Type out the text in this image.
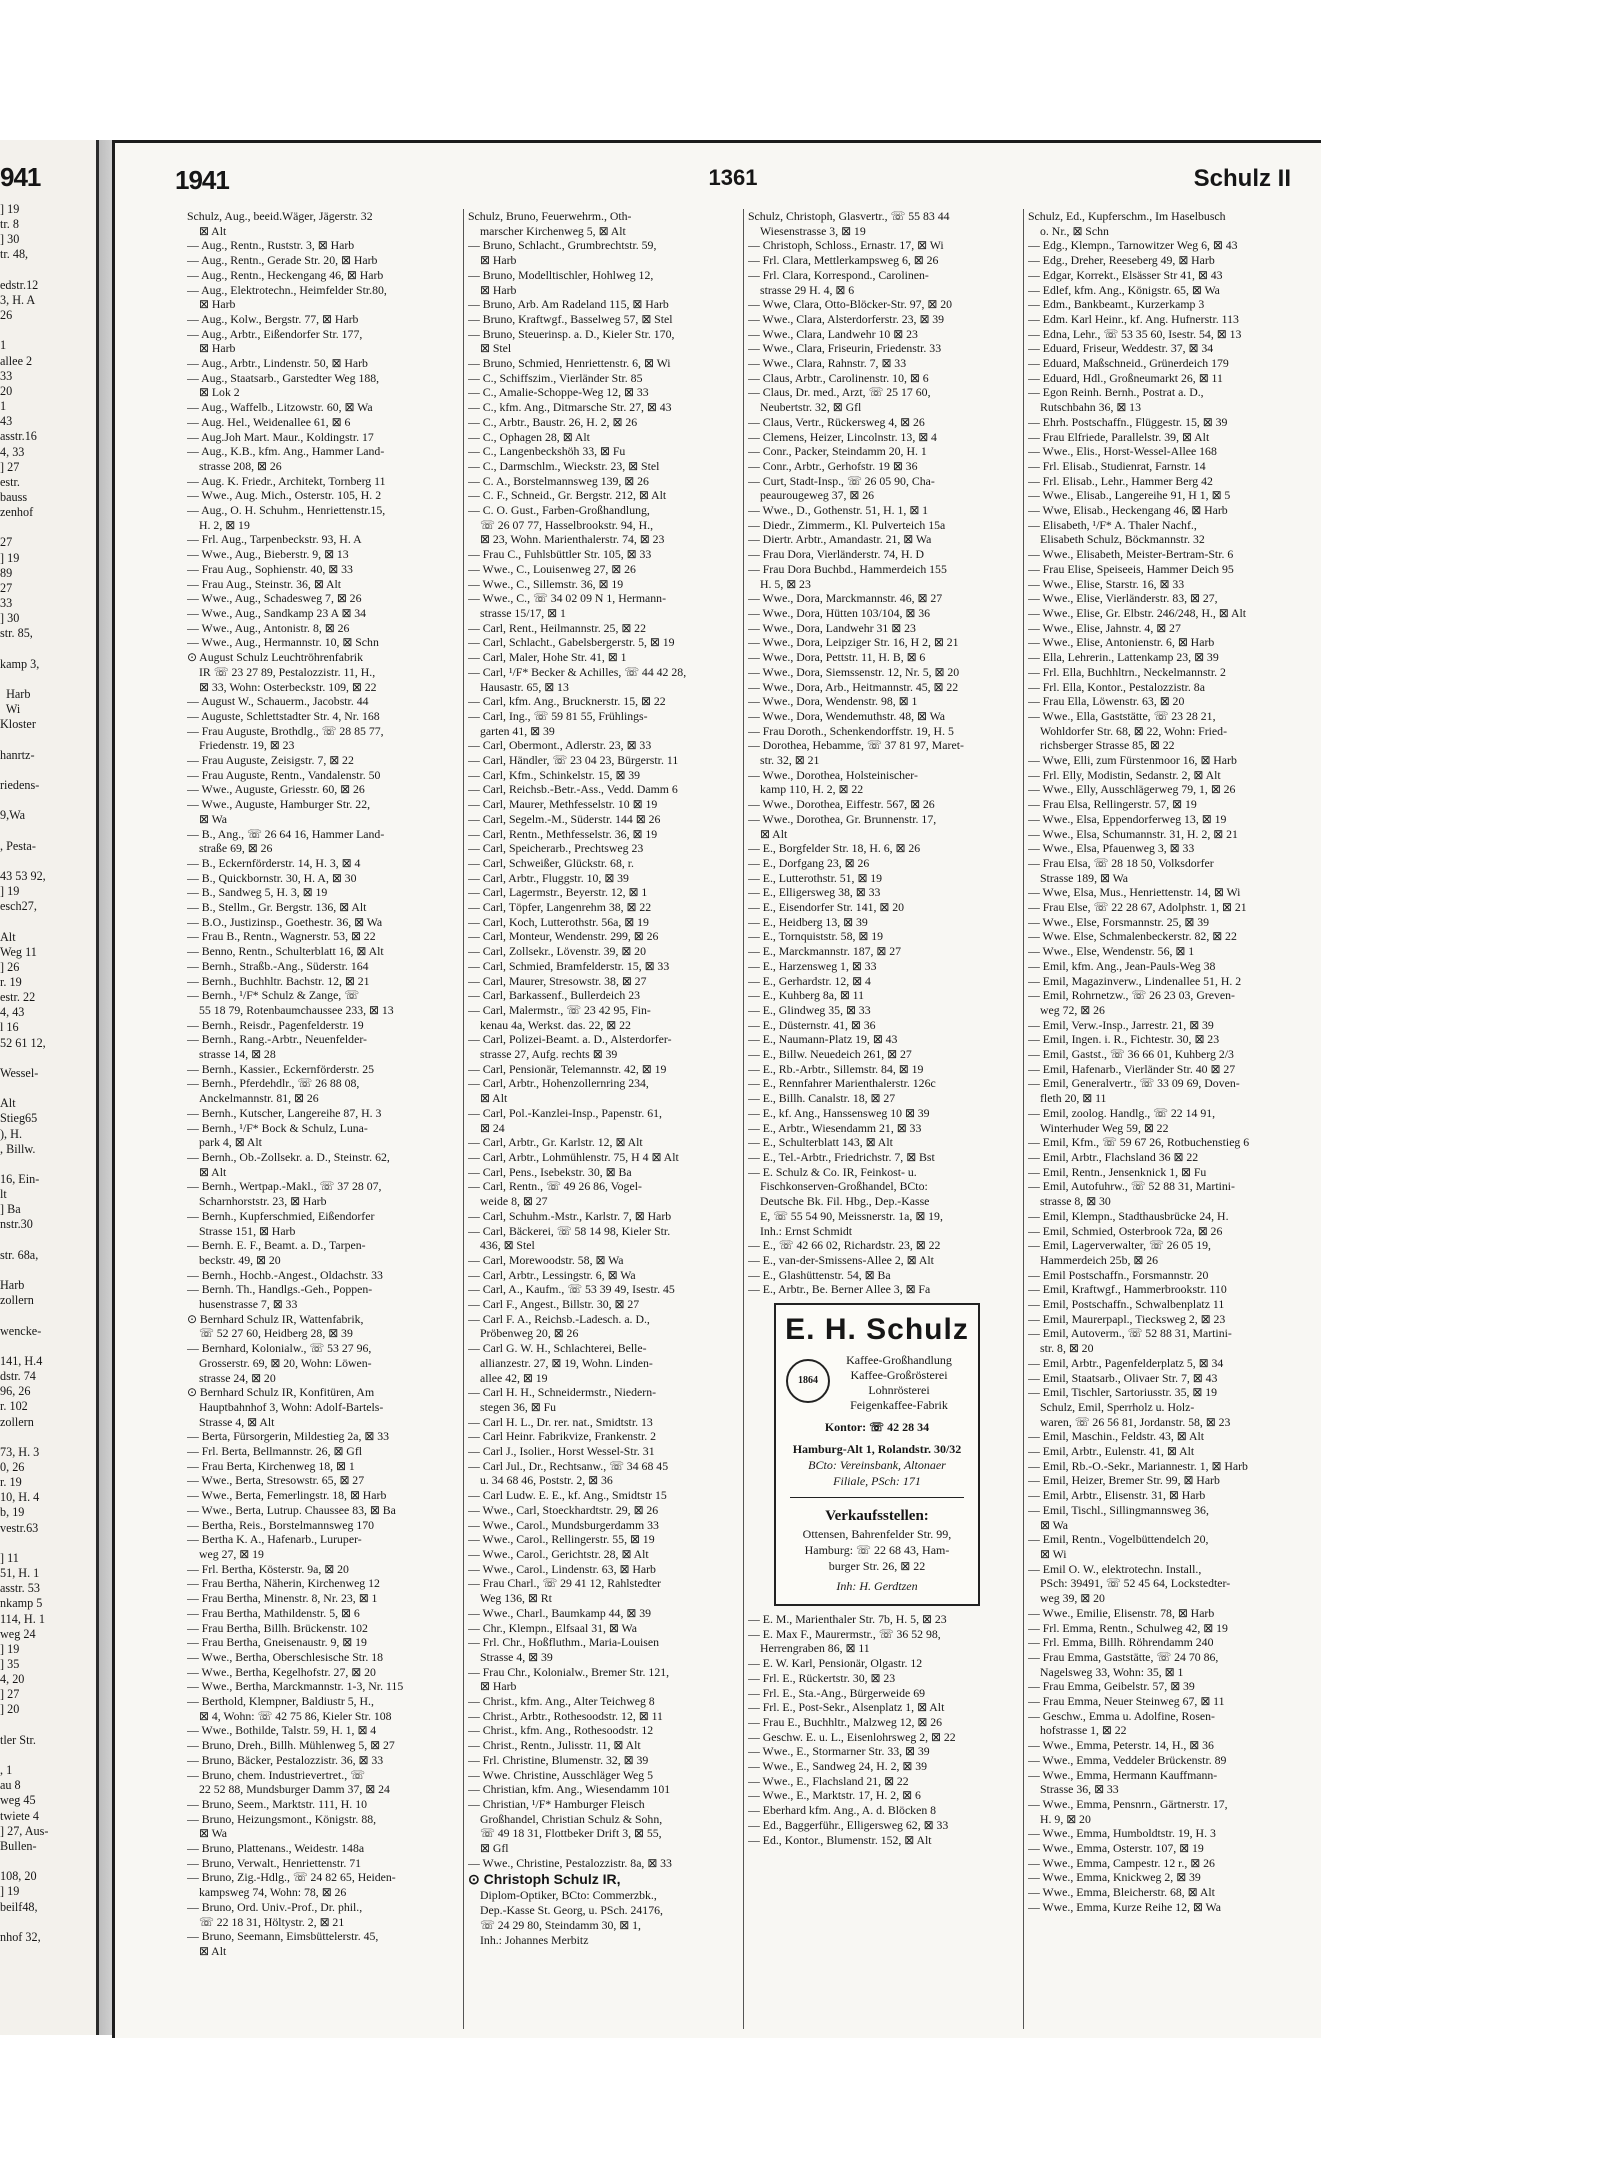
941
] 19
tr. 8
] 30
tr. 48,

edstr.12
3, H. A
26

1
allee 2
33
20
1
43
asstr.16
4, 33
] 27
estr.
bauss
zenhof

27
] 19
89
27
33
] 30
str. 85,

kamp 3,

Harb
Wi
Kloster

hanrtz-

riedens-

9,Wa

, Pesta-

43 53 92,
] 19
esch27,

Alt
Weg 11
] 26
r. 19
estr. 22
4, 43
l 16
52 61 12,

Wessel-

Alt
Stieg65
), H.
, Billw.

16, Ein-
lt
] Ba
nstr.30

str. 68a,

Harb
zollern

wencke-

141, H.4
dstr. 74
96, 26
r. 102
zollern

73, H. 3
0, 26
r. 19
10, H. 4
b, 19
vestr.63

] 11
51, H. 1
asstr. 53
nkamp 5
114, H. 1
weg 24
] 19
] 35
4, 20
] 27
] 20

tler Str.

, 1
au 8
weg 45
twiete 4
] 27, Aus-
Bullen-

108, 20
] 19
beilf48,

nhof 32,
1941	1361	Schulz II
Schulz, Aug., beeid.Wäger, Jägerstr. 32
⊠ Alt
— Aug., Rentn., Ruststr. 3, ⊠ Harb
— Aug., Rentn., Gerade Str. 20, ⊠ Harb
— Aug., Rentn., Heckengang 46, ⊠ Harb
— Aug., Elektrotechn., Heimfelder Str.80,
⊠ Harb
— Aug., Kolw., Bergstr. 77, ⊠ Harb
— Aug., Arbtr., Eißendorfer Str. 177,
⊠ Harb
— Aug., Arbtr., Lindenstr. 50, ⊠ Harb
— Aug., Staatsarb., Garstedter Weg 188,
⊠ Lok 2
— Aug., Waffelb., Litzowstr. 60, ⊠ Wa
— Aug. Hel., Weidenallee 61, ⊠ 6
— Aug.Joh Mart. Maur., Koldingstr. 17
— Aug., K.B., kfm. Ang., Hammer Land-
strasse 208, ⊠ 26
— Aug. K. Friedr., Architekt, Tornberg 11
— Wwe., Aug. Mich., Osterstr. 105, H. 2
— Aug., O. H. Schuhm., Henriettenstr.15,
H. 2, ⊠ 19
— Frl. Aug., Tarpenbeckstr. 93, H. A
— Wwe., Aug., Bieberstr. 9, ⊠ 13
— Frau Aug., Sophienstr. 40, ⊠ 33
— Frau Aug., Steinstr. 36, ⊠ Alt
— Wwe., Aug., Schadesweg 7, ⊠ 26
— Wwe., Aug., Sandkamp 23 A ⊠ 34
— Wwe., Aug., Antonistr. 8, ⊠ 26
— Wwe., Aug., Hermannstr. 10, ⊠ Schn
⊙ August Schulz Leuchtröhrenfabrik
IR ☏ 23 27 89, Pestalozzistr. 11, H.,
⊠ 33, Wohn: Osterbeckstr. 109, ⊠ 22
— August W., Schauerm., Jacobstr. 44
— Auguste, Schlettstadter Str. 4, Nr. 168
— Frau Auguste, Brothdlg., ☏ 28 85 77,
Friedenstr. 19, ⊠ 23
— Frau Auguste, Zeisigstr. 7, ⊠ 22
— Frau Auguste, Rentn., Vandalenstr. 50
— Wwe., Auguste, Griesstr. 60, ⊠ 26
— Wwe., Auguste, Hamburger Str. 22,
⊠ Wa
— B., Ang., ☏ 26 64 16, Hammer Land-
straße 69, ⊠ 26
— B., Eckernförderstr. 14, H. 3, ⊠ 4
— B., Quickbornstr. 30, H. A, ⊠ 30
— B., Sandweg 5, H. 3, ⊠ 19
— B., Stellm., Gr. Bergstr. 136, ⊠ Alt
— B.O., Justizinsp., Goethestr. 36, ⊠ Wa
— Frau B., Rentn., Wagnerstr. 53, ⊠ 22
— Benno, Rentn., Schulterblatt 16, ⊠ Alt
— Bernh., Straßb.-Ang., Süderstr. 164
— Bernh., Buchhltr. Bachstr. 12, ⊠ 21
— Bernh., ¹/F* Schulz & Zange, ☏
55 18 79, Rotenbaumchaussee 233, ⊠ 13
— Bernh., Reisdr., Pagenfelderstr. 19
— Bernh., Rang.-Arbtr., Neuenfelder-
strasse 14, ⊠ 28
— Bernh., Kassier., Eckernförderstr. 25
— Bernh., Pferdehdlr., ☏ 26 88 08,
Anckelmannstr. 81, ⊠ 26
— Bernh., Kutscher, Langereihe 87, H. 3
— Bernh., ¹/F* Bock & Schulz, Luna-
park 4, ⊠ Alt
— Bernh., Ob.-Zollsekr. a. D., Steinstr. 62,
⊠ Alt
— Bernh., Wertpap.-Makl., ☏ 37 28 07,
Scharnhorststr. 23, ⊠ Harb
— Bernh., Kupferschmied, Eißendorfer
Strasse 151, ⊠ Harb
— Bernh. E. F., Beamt. a. D., Tarpen-
beckstr. 49, ⊠ 20
— Bernh., Hochb.-Angest., Oldachstr. 33
— Bernh. Th., Handlgs.-Geh., Poppen-
husenstrasse 7, ⊠ 33
⊙ Bernhard Schulz IR, Wattenfabrik,
☏ 52 27 60, Heidberg 28, ⊠ 39
— Bernhard, Kolonialw., ☏ 53 27 96,
Grosserstr. 69, ⊠ 20, Wohn: Löwen-
strasse 24, ⊠ 20
⊙ Bernhard Schulz IR, Konfitüren, Am
Hauptbahnhof 3, Wohn: Adolf-Bartels-
Strasse 4, ⊠ Alt
— Berta, Fürsorgerin, Mildestieg 2a, ⊠ 33
— Frl. Berta, Bellmannstr. 26, ⊠ Gfl
— Frau Berta, Kirchenweg 18, ⊠ 1
— Wwe., Berta, Stresowstr. 65, ⊠ 27
— Wwe., Berta, Femerlingstr. 18, ⊠ Harb
— Wwe., Berta, Lutrup. Chaussee 83, ⊠ Ba
— Bertha, Reis., Borstelmannsweg 170
— Bertha K. A., Hafenarb., Luruper-
weg 27, ⊠ 19
— Frl. Bertha, Kösterstr. 9a, ⊠ 20
— Frau Bertha, Näherin, Kirchenweg 12
— Frau Bertha, Minenstr. 8, Nr. 23, ⊠ 1
— Frau Bertha, Mathildenstr. 5, ⊠ 6
— Frau Bertha, Billh. Brückenstr. 102
— Frau Bertha, Gneisenaustr. 9, ⊠ 19
— Wwe., Bertha, Oberschlesische Str. 18
— Wwe., Bertha, Kegelhofstr. 27, ⊠ 20
— Wwe., Bertha, Marckmannstr. 1-3, Nr. 115
— Berthold, Klempner, Baldiustr 5, H.,
⊠ 4, Wohn: ☏ 42 75 86, Kieler Str. 108
— Wwe., Bothilde, Talstr. 59, H. 1, ⊠ 4
— Bruno, Dreh., Billh. Mühlenweg 5, ⊠ 27
— Bruno, Bäcker, Pestalozzistr. 36, ⊠ 33
— Bruno, chem. Industrievertret., ☏
22 52 88, Mundsburger Damm 37, ⊠ 24
— Bruno, Seem., Marktstr. 111, H. 10
— Bruno, Heizungsmont., Königstr. 88,
⊠ Wa
— Bruno, Plattenans., Weidestr. 148a
— Bruno, Verwalt., Henriettenstr. 71
— Bruno, Zig.-Hdlg., ☏ 24 82 65, Heiden-
kampsweg 74, Wohn: 78, ⊠ 26
— Bruno, Ord. Univ.-Prof., Dr. phil.,
☏ 22 18 31, Höltystr. 2, ⊠ 21
— Bruno, Seemann, Eimsbüttelerstr. 45,
⊠ Alt
Schulz, Bruno, Feuerwehrm., Oth-
marscher Kirchenweg 5, ⊠ Alt
— Bruno, Schlacht., Grumbrechtstr. 59,
⊠ Harb
— Bruno, Modelltischler, Hohlweg 12,
⊠ Harb
— Bruno, Arb. Am Radeland 115, ⊠ Harb
— Bruno, Kraftwgf., Basselweg 57, ⊠ Stel
— Bruno, Steuerinsp. a. D., Kieler Str. 170,
⊠ Stel
— Bruno, Schmied, Henriettenstr. 6, ⊠ Wi
— C., Schiffszim., Vierländer Str. 85
— C., Amalie-Schoppe-Weg 12, ⊠ 33
— C., kfm. Ang., Ditmarsche Str. 27, ⊠ 43
— C., Arbtr., Baustr. 26, H. 2, ⊠ 26
— C., Ophagen 28, ⊠ Alt
— C., Langenbeckshöh 33, ⊠ Fu
— C., Darmschlm., Wieckstr. 23, ⊠ Stel
— C. A., Borstelmannsweg 139, ⊠ 26
— C. F., Schneid., Gr. Bergstr. 212, ⊠ Alt
— C. O. Gust., Farben-Großhandlung,
☏ 26 07 77, Hasselbrookstr. 94, H.,
⊠ 23, Wohn. Marienthalerstr. 74, ⊠ 23
— Frau C., Fuhlsbüttler Str. 105, ⊠ 33
— Wwe., C., Louisenweg 27, ⊠ 26
— Wwe., C., Sillemstr. 36, ⊠ 19
— Wwe., C., ☏ 34 02 09 N 1, Hermann-
strasse 15/17, ⊠ 1
— Carl, Rent., Heilmannstr. 25, ⊠ 22
— Carl, Schlacht., Gabelsbergerstr. 5, ⊠ 19
— Carl, Maler, Hohe Str. 41, ⊠ 1
— Carl, ¹/F* Becker & Achilles, ☏ 44 42 28,
Hausastr. 65, ⊠ 13
— Carl, kfm. Ang., Brucknerstr. 15, ⊠ 22
— Carl, Ing., ☏ 59 81 55, Frühlings-
garten 41, ⊠ 39
— Carl, Obermont., Adlerstr. 23, ⊠ 33
— Carl, Händler, ☏ 23 04 23, Bürgerstr. 11
— Carl, Kfm., Schinkelstr. 15, ⊠ 39
— Carl, Reichsb.-Betr.-Ass., Vedd. Damm 6
— Carl, Maurer, Methfesselstr. 10 ⊠ 19
— Carl, Segelm.-M., Süderstr. 144 ⊠ 26
— Carl, Rentn., Methfesselstr. 36, ⊠ 19
— Carl, Speicherarb., Prechtsweg 23
— Carl, Schweißer, Glückstr. 68, r.
— Carl, Arbtr., Fluggstr. 10, ⊠ 39
— Carl, Lagermstr., Beyerstr. 12, ⊠ 1
— Carl, Töpfer, Langenrehm 38, ⊠ 22
— Carl, Koch, Lutterothstr. 56a, ⊠ 19
— Carl, Monteur, Wendenstr. 299, ⊠ 26
— Carl, Zollsekr., Lövenstr. 39, ⊠ 20
— Carl, Schmied, Bramfelderstr. 15, ⊠ 33
— Carl, Maurer, Stresowstr. 38, ⊠ 27
— Carl, Barkassenf., Bullerdeich 23
— Carl, Malermstr., ☏ 23 42 95, Fin-
kenau 4a, Werkst. das. 22, ⊠ 22
— Carl, Polizei-Beamt. a. D., Alsterdorfer-
strasse 27, Aufg. rechts ⊠ 39
— Carl, Pensionär, Telemannstr. 42, ⊠ 19
— Carl, Arbtr., Hohenzollernring 234,
⊠ Alt
— Carl, Pol.-Kanzlei-Insp., Papenstr. 61,
⊠ 24
— Carl, Arbtr., Gr. Karlstr. 12, ⊠ Alt
— Carl, Arbtr., Lohmühlenstr. 75, H 4 ⊠ Alt
— Carl, Pens., Isebekstr. 30, ⊠ Ba
— Carl, Rentn., ☏ 49 26 86, Vogel-
weide 8, ⊠ 27
— Carl, Schuhm.-Mstr., Karlstr. 7, ⊠ Harb
— Carl, Bäckerei, ☏ 58 14 98, Kieler Str.
436, ⊠ Stel
— Carl, Morewoodstr. 58, ⊠ Wa
— Carl, Arbtr., Lessingstr. 6, ⊠ Wa
— Carl, A., Kaufm., ☏ 53 39 49, Isestr. 45
— Carl F., Angest., Billstr. 30, ⊠ 27
— Carl F. A., Reichsb.-Ladesch. a. D.,
Pröbenweg 20, ⊠ 26
— Carl G. W. H., Schlachterei, Belle-
allianzestr. 27, ⊠ 19, Wohn. Linden-
allee 42, ⊠ 19
— Carl H. H., Schneidermstr., Niedern-
stegen 36, ⊠ Fu
— Carl H. L., Dr. rer. nat., Smidtstr. 13
— Carl Heinr. Fabrikvize, Frankenstr. 2
— Carl J., Isolier., Horst Wessel-Str. 31
— Carl Jul., Dr., Rechtsanw., ☏ 34 68 45
u. 34 68 46, Poststr. 2, ⊠ 36
— Carl Ludw. E. E., kf. Ang., Smidtstr 15
— Wwe., Carl, Stoeckhardtstr. 29, ⊠ 26
— Wwe., Carol., Mundsburgerdamm 33
— Wwe., Carol., Rellingerstr. 55, ⊠ 19
— Wwe., Carol., Gerichtstr. 28, ⊠ Alt
— Wwe., Carol., Lindenstr. 63, ⊠ Harb
— Frau Charl., ☏ 29 41 12, Rahlstedter
Weg 136, ⊠ Rt
— Wwe., Charl., Baumkamp 44, ⊠ 39
— Chr., Klempn., Elfsaal 31, ⊠ Wa
— Frl. Chr., Hoßfluthm., Maria-Louisen
Strasse 4, ⊠ 39
— Frau Chr., Kolonialw., Bremer Str. 121,
⊠ Harb
— Christ., kfm. Ang., Alter Teichweg 8
— Christ., Arbtr., Rothesoodstr. 12, ⊠ 11
— Christ., kfm. Ang., Rothesoodstr. 12
— Christ., Rentn., Julisstr. 11, ⊠ Alt
— Frl. Christine, Blumenstr. 32, ⊠ 39
— Wwe. Christine, Ausschläger Weg 5
— Christian, kfm. Ang., Wiesendamm 101
— Christian, ¹/F* Hamburger Fleisch
Großhandel, Christian Schulz & Sohn,
☏ 49 18 31, Flottbeker Drift 3, ⊠ 55,
⊠ Gfl
— Wwe., Christine, Pestalozzistr. 8a, ⊠ 33
⊙ Christoph Schulz IR,
Diplom-Optiker, BCto: Commerzbk.,
Dep.-Kasse St. Georg, u. PSch. 24176,
☏ 24 29 80, Steindamm 30, ⊠ 1,
Inh.: Johannes Merbitz
Schulz, Christoph, Glasvertr., ☏ 55 83 44
Wiesenstrasse 3, ⊠ 19
— Christoph, Schloss., Ernastr. 17, ⊠ Wi
— Frl. Clara, Mettlerkampsweg 6, ⊠ 26
— Frl. Clara, Korrespond., Carolinen-
strasse 29 H. 4, ⊠ 6
— Wwe, Clara, Otto-Blöcker-Str. 97, ⊠ 20
— Wwe., Clara, Alsterdorferstr. 23, ⊠ 39
— Wwe., Clara, Landwehr 10 ⊠ 23
— Wwe., Clara, Friseurin, Friedenstr. 33
— Wwe., Clara, Rahnstr. 7, ⊠ 33
— Claus, Arbtr., Carolinenstr. 10, ⊠ 6
— Claus, Dr. med., Arzt, ☏ 25 17 60,
Neubertstr. 32, ⊠ Gfl
— Claus, Vertr., Rückersweg 4, ⊠ 26
— Clemens, Heizer, Lincolnstr. 13, ⊠ 4
— Conr., Packer, Steindamm 20, H. 1
— Conr., Arbtr., Gerhofstr. 19 ⊠ 36
— Curt, Stadt-Insp., ☏ 26 05 90, Cha-
peaurougeweg 37, ⊠ 26
— Wwe., D., Gothenstr. 51, H. 1, ⊠ 1
— Diedr., Zimmerm., Kl. Pulverteich 15a
— Diertr. Arbtr., Amandastr. 21, ⊠ Wa
— Frau Dora, Vierländerstr. 74, H. D
— Frau Dora Buchbd., Hammerdeich 155
H. 5, ⊠ 23
— Wwe., Dora, Marckmannstr. 46, ⊠ 27
— Wwe., Dora, Hütten 103/104, ⊠ 36
— Wwe., Dora, Landwehr 31 ⊠ 23
— Wwe., Dora, Leipziger Str. 16, H 2, ⊠ 21
— Wwe., Dora, Pettstr. 11, H. B, ⊠ 6
— Wwe., Dora, Siemssenstr. 12, Nr. 5, ⊠ 20
— Wwe., Dora, Arb., Heitmannstr. 45, ⊠ 22
— Wwe., Dora, Wendenstr. 98, ⊠ 1
— Wwe., Dora, Wendemuthstr. 48, ⊠ Wa
— Frau Doroth., Schenkendorffstr. 19, H. 5
— Dorothea, Hebamme, ☏ 37 81 97, Maret-
str. 32, ⊠ 21
— Wwe., Dorothea, Holsteinischer-
kamp 110, H. 2, ⊠ 22
— Wwe., Dorothea, Eiffestr. 567, ⊠ 26
— Wwe., Dorothea, Gr. Brunnenstr. 17,
⊠ Alt
— E., Borgfelder Str. 18, H. 6, ⊠ 26
— E., Dorfgang 23, ⊠ 26
— E., Lutterothstr. 51, ⊠ 19
— E., Elligersweg 38, ⊠ 33
— E., Eisendorfer Str. 141, ⊠ 20
— E., Heidberg 13, ⊠ 39
— E., Tornquiststr. 58, ⊠ 19
— E., Marckmannstr. 187, ⊠ 27
— E., Harzensweg 1, ⊠ 33
— E., Gerhardstr. 12, ⊠ 4
— E., Kuhberg 8a, ⊠ 11
— E., Glindweg 35, ⊠ 33
— E., Düsternstr. 41, ⊠ 36
— E., Naumann-Platz 19, ⊠ 43
— E., Billw. Neuedeich 261, ⊠ 27
— E., Rb.-Arbtr., Sillemstr. 84, ⊠ 19
— E., Rennfahrer Marienthalerstr. 126c
— E., Billh. Canalstr. 18, ⊠ 27
— E., kf. Ang., Hanssensweg 10 ⊠ 39
— E., Arbtr., Wiesendamm 21, ⊠ 33
— E., Schulterblatt 143, ⊠ Alt
— E., Tel.-Arbtr., Friedrichstr. 7, ⊠ Bst
— E. Schulz & Co. IR, Feinkost- u.
Fischkonserven-Großhandel, BCto:
Deutsche Bk. Fil. Hbg., Dep.-Kasse
E, ☏ 55 54 90, Meissnerstr. 1a, ⊠ 19,
Inh.: Ernst Schmidt
— E., ☏ 42 66 02, Richardstr. 23, ⊠ 22
— E., van-der-Smissens-Allee 2, ⊠ Alt
— E., Glashüttenstr. 54, ⊠ Ba
— E., Arbtr., Be. Berner Allee 3, ⊠ Fa
E. H. Schulz
1864
Kaffee-Großhandlung
Kaffee-Großrösterei
Lohnrösterei
Feigenkaffee-Fabrik
Kontor: ☏ 42 28 34
Hamburg-Alt 1, Rolandstr. 30/32
BCto: Vereinsbank, Altonaer
Filiale, PSch: 171
Verkaufsstellen:
Ottensen, Bahrenfelder Str. 99,
Hamburg: ☏ 22 68 43, Ham-
burger Str. 26, ⊠ 22
Inh: H. Gerdtzen
— E. M., Marienthaler Str. 7b, H. 5, ⊠ 23
— E. Max F., Maurermstr., ☏ 36 52 98,
Herrengraben 86, ⊠ 11
— E. W. Karl, Pensionär, Olgastr. 12
— Frl. E., Rückertstr. 30, ⊠ 23
— Frl. E., Sta.-Ang., Bürgerweide 69
— Frl. E., Post-Sekr., Alsenplatz 1, ⊠ Alt
— Frau E., Buchhltr., Malzweg 12, ⊠ 26
— Geschw. E. u. L., Eisenlohrsweg 2, ⊠ 22
— Wwe., E., Stormarner Str. 33, ⊠ 39
— Wwe., E., Sandweg 24, H. 2, ⊠ 39
— Wwe., E., Flachsland 21, ⊠ 22
— Wwe., E., Marktstr. 17, H. 2, ⊠ 6
— Eberhard kfm. Ang., A. d. Blöcken 8
— Ed., Baggerführ., Elligersweg 62, ⊠ 33
— Ed., Kontor., Blumenstr. 152, ⊠ Alt
Schulz, Ed., Kupferschm., Im Haselbusch
o. Nr., ⊠ Schn
— Edg., Klempn., Tarnowitzer Weg 6, ⊠ 43
— Edg., Dreher, Reeseberg 49, ⊠ Harb
— Edgar, Korrekt., Elsässer Str 41, ⊠ 43
— Edlef, kfm. Ang., Königstr. 65, ⊠ Wa
— Edm., Bankbeamt., Kurzerkamp 3
— Edm. Karl Heinr., kf. Ang. Hufnerstr. 113
— Edna, Lehr., ☏ 53 35 60, Isestr. 54, ⊠ 13
— Eduard, Friseur, Weddestr. 37, ⊠ 34
— Eduard, Maßschneid., Grünerdeich 179
— Eduard, Hdl., Großneumarkt 26, ⊠ 11
— Egon Reinh. Bernh., Postrat a. D.,
Rutschbahn 36, ⊠ 13
— Ehrh. Postschaffn., Flüggestr. 15, ⊠ 39
— Frau Elfriede, Parallelstr. 39, ⊠ Alt
— Wwe., Elis., Horst-Wessel-Allee 168
— Frl. Elisab., Studienrat, Farnstr. 14
— Frl. Elisab., Lehr., Hammer Berg 42
— Wwe., Elisab., Langereihe 91, H 1, ⊠ 5
— Wwe, Elisab., Heckengang 46, ⊠ Harb
— Elisabeth, ¹/F* A. Thaler Nachf.,
Elisabeth Schulz, Böckmannstr. 32
— Wwe., Elisabeth, Meister-Bertram-Str. 6
— Frau Elise, Speiseeis, Hammer Deich 95
— Wwe., Elise, Starstr. 16, ⊠ 33
— Wwe., Elise, Vierländerstr. 83, ⊠ 27,
— Wwe., Elise, Gr. Elbstr. 246/248, H., ⊠ Alt
— Wwe., Elise, Jahnstr. 4, ⊠ 27
— Wwe., Elise, Antonienstr. 6, ⊠ Harb
— Ella, Lehrerin., Lattenkamp 23, ⊠ 39
— Frl. Ella, Buchhltrn., Neckelmannstr. 2
— Frl. Ella, Kontor., Pestalozzistr. 8a
— Frau Ella, Löwenstr. 63, ⊠ 20
— Wwe., Ella, Gaststätte, ☏ 23 28 21,
Wohldorfer Str. 68, ⊠ 22, Wohn: Fried-
richsberger Strasse 85, ⊠ 22
— Wwe, Elli, zum Fürstenmoor 16, ⊠ Harb
— Frl. Elly, Modistin, Sedanstr. 2, ⊠ Alt
— Wwe., Elly, Ausschlägerweg 79, 1, ⊠ 26
— Frau Elsa, Rellingerstr. 57, ⊠ 19
— Wwe., Elsa, Eppendorferweg 13, ⊠ 19
— Wwe., Elsa, Schumannstr. 31, H. 2, ⊠ 21
— Wwe., Elsa, Pfauenweg 3, ⊠ 33
— Frau Elsa, ☏ 28 18 50, Volksdorfer
Strasse 189, ⊠ Wa
— Wwe, Elsa, Mus., Henriettenstr. 14, ⊠ Wi
— Frau Else, ☏ 22 28 67, Adolphstr. 1, ⊠ 21
— Wwe., Else, Forsmannstr. 25, ⊠ 39
— Wwe. Else, Schmalenbeckerstr. 82, ⊠ 22
— Wwe., Else, Wendenstr. 56, ⊠ 1
— Emil, kfm. Ang., Jean-Pauls-Weg 38
— Emil, Magazinverw., Lindenallee 51, H. 2
— Emil, Rohrnetzw., ☏ 26 23 03, Greven-
weg 72, ⊠ 26
— Emil, Verw.-Insp., Jarrestr. 21, ⊠ 39
— Emil, Ingen. i. R., Fichtestr. 30, ⊠ 23
— Emil, Gastst., ☏ 36 66 01, Kuhberg 2/3
— Emil, Hafenarb., Vierländer Str. 40 ⊠ 27
— Emil, Generalvertr., ☏ 33 09 69, Doven-
fleth 20, ⊠ 11
— Emil, zoolog. Handlg., ☏ 22 14 91,
Winterhuder Weg 59, ⊠ 22
— Emil, Kfm., ☏ 59 67 26, Rotbuchenstieg 6
— Emil, Arbtr., Flachsland 36 ⊠ 22
— Emil, Rentn., Jensenknick 1, ⊠ Fu
— Emil, Autofuhrw., ☏ 52 88 31, Martini-
strasse 8, ⊠ 30
— Emil, Klempn., Stadthausbrücke 24, H.
— Emil, Schmied, Osterbrook 72a, ⊠ 26
— Emil, Lagerverwalter, ☏ 26 05 19,
Hammerdeich 25b, ⊠ 26
— Emil Postschaffn., Forsmannstr. 20
— Emil, Kraftwgf., Hammerbrookstr. 110
— Emil, Postschaffn., Schwalbenplatz 11
— Emil, Maurerpapl., Tiecksweg 2, ⊠ 23
— Emil, Autoverm., ☏ 52 88 31, Martini-
str. 8, ⊠ 20
— Emil, Arbtr., Pagenfelderplatz 5, ⊠ 34
— Emil, Staatsarb., Olivaer Str. 7, ⊠ 43
— Emil, Tischler, Sartoriusstr. 35, ⊠ 19
Schulz, Emil, Sperrholz u. Holz-
waren, ☏ 26 56 81, Jordanstr. 58, ⊠ 23
— Emil, Maschin., Feldstr. 43, ⊠ Alt
— Emil, Arbtr., Eulenstr. 41, ⊠ Alt
— Emil, Rb.-O.-Sekr., Mariannestr. 1, ⊠ Harb
— Emil, Heizer, Bremer Str. 99, ⊠ Harb
— Emil, Arbtr., Elisenstr. 31, ⊠ Harb
— Emil, Tischl., Sillingmannsweg 36,
⊠ Wa
— Emil, Rentn., Vogelbüttendelch 20,
⊠ Wi
— Emil O. W., elektrotechn. Install.,
PSch: 39491, ☏ 52 45 64, Lockstedter-
weg 39, ⊠ 20
— Wwe., Emilie, Elisenstr. 78, ⊠ Harb
— Frl. Emma, Rentn., Schulweg 42, ⊠ 19
— Frl. Emma, Billh. Röhrendamm 240
— Frau Emma, Gaststätte, ☏ 24 70 86,
Nagelsweg 33, Wohn: 35, ⊠ 1
— Frau Emma, Geibelstr. 57, ⊠ 39
— Frau Emma, Neuer Steinweg 67, ⊠ 11
— Geschw., Emma u. Adolfine, Rosen-
hofstrasse 1, ⊠ 22
— Wwe., Emma, Peterstr. 14, H., ⊠ 36
— Wwe., Emma, Veddeler Brückenstr. 89
— Wwe., Emma, Hermann Kauffmann-
Strasse 36, ⊠ 33
— Wwe., Emma, Pensnrn., Gärtnerstr. 17,
H. 9, ⊠ 20
— Wwe., Emma, Humboldtstr. 19, H. 3
— Wwe., Emma, Osterstr. 107, ⊠ 19
— Wwe., Emma, Campestr. 12 r., ⊠ 26
— Wwe., Emma, Knickweg 2, ⊠ 39
— Wwe., Emma, Bleicherstr. 68, ⊠ Alt
— Wwe., Emma, Kurze Reihe 12, ⊠ Wa
